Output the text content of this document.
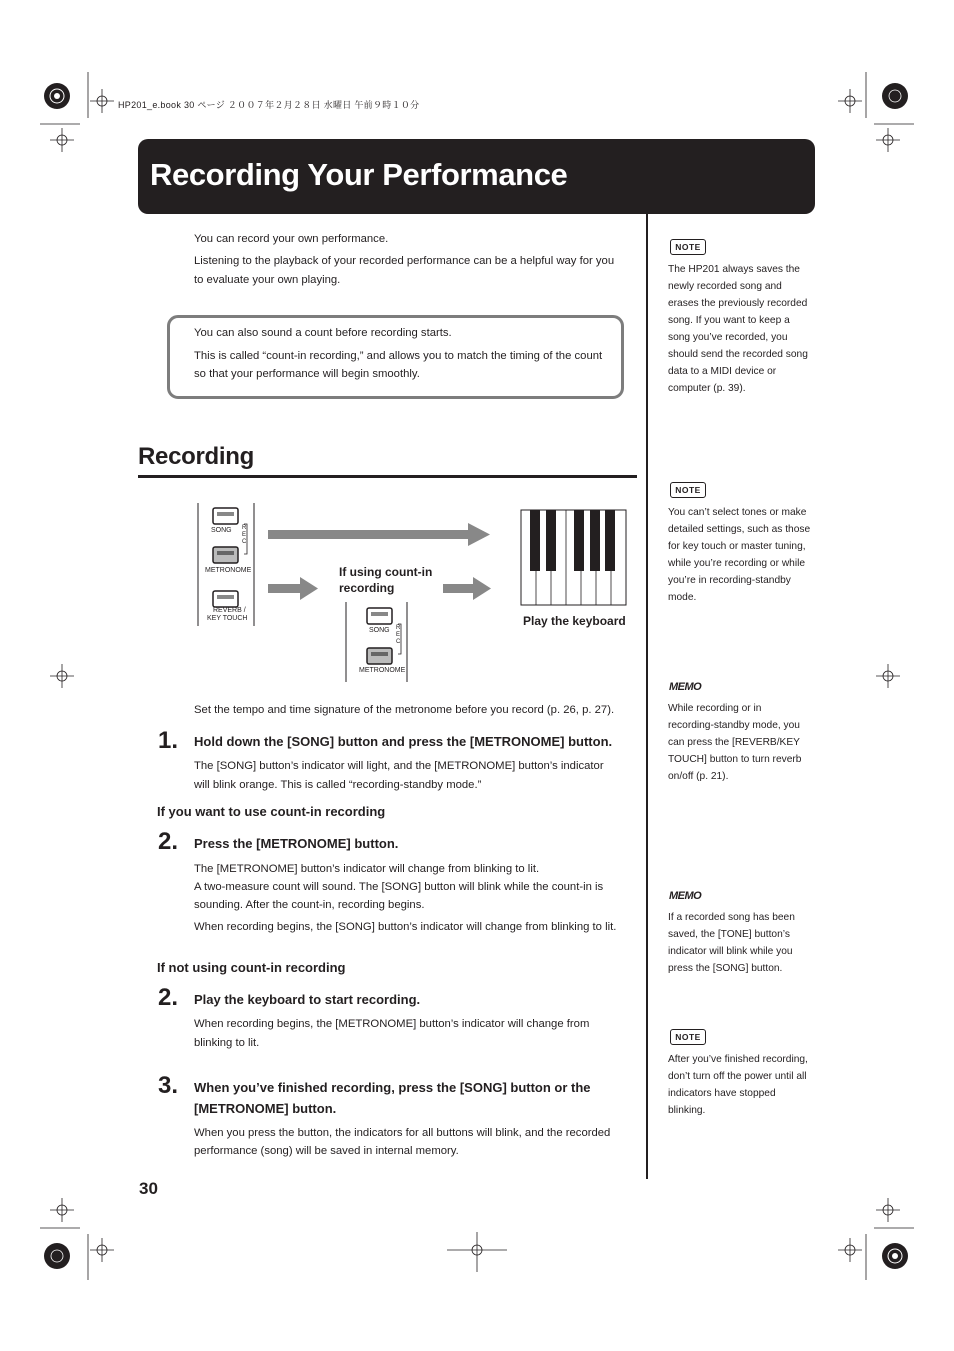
HP201_e.book 30 ページ ２００７年２月２８日 水曜日 午前９時１０分
Recording Your Performance
You can record your own performance.
Listening to the playback of your recorded performance can be a helpful way for you
to evaluate your own playing.
You can also sound a count before recording starts.
This is called “count-in recording,” and allows you to match the timing of the count
so that your performance will begin smoothly.
Recording
SONG REC
METRONOME
REVERB /
KEY TOUCH
If using count-in
recording
SONG REC
METRONOME
Play the keyboard
Set the tempo and time signature of the metronome before you record (p. 26, p. 27).
1. Hold down the [SONG] button and press the [METRONOME] button.
The [SONG] button’s indicator will light, and the [METRONOME] button’s indicator
will blink orange. This is called “recording-standby mode.”
If you want to use count-in recording
2. Press the [METRONOME] button.
The [METRONOME] button’s indicator will change from blinking to lit.
A two-measure count will sound. The [SONG] button will blink while the count-in is
sounding. After the count-in, recording begins.
When recording begins, the [SONG] button’s indicator will change from blinking to lit.
If not using count-in recording
2. Play the keyboard to start recording.
When recording begins, the [METRONOME] button’s indicator will change from
blinking to lit.
3. When you’ve finished recording, press the [SONG] button or the
[METRONOME] button.
When you press the button, the indicators for all buttons will blink, and the recorded
performance (song) will be saved in internal memory.
NOTE
The HP201 always saves the
newly recorded song and
erases the previously recorded
song. If you want to keep a
song you’ve recorded, you
should send the recorded song
data to a MIDI device or
computer (p. 39).
NOTE
You can’t select tones or make
detailed settings, such as those
for key touch or master tuning,
while you’re recording or while
you’re in recording-standby
mode.
MEMO
While recording or in
recording-standby mode, you
can press the [REVERB/KEY
TOUCH] button to turn reverb
on/off (p. 21).
MEMO
If a recorded song has been
saved, the [TONE] button’s
indicator will blink while you
press the [SONG] button.
NOTE
After you’ve finished recording,
don’t turn off the power until all
indicators have stopped
blinking.
30
